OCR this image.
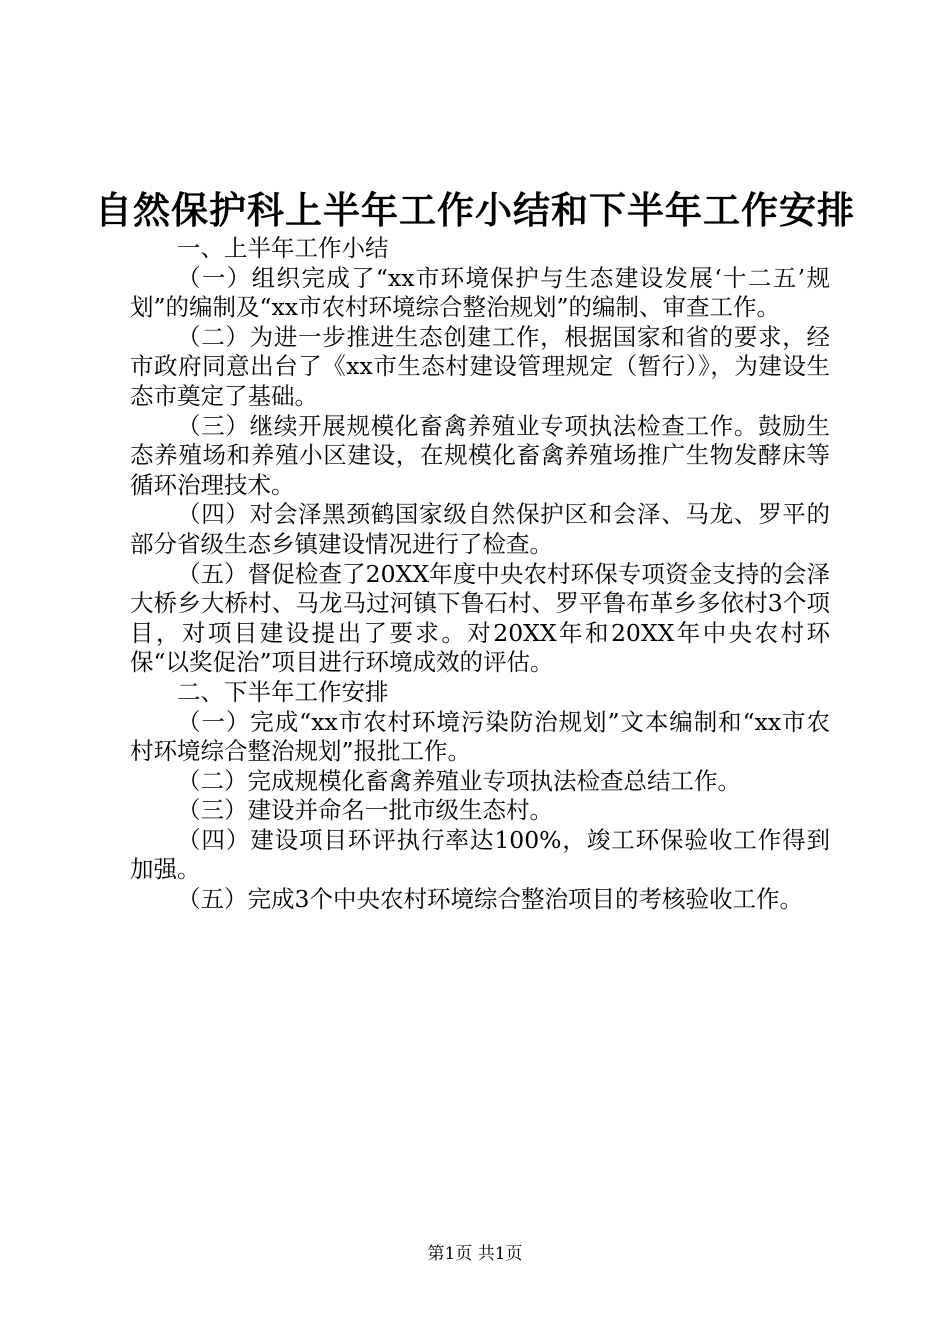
自然保护科上半年工作小结和下半年工作安排

一、上半年工作小结

（一）组织完成了“xx市环境保护与生态建设发展‘十二五’规划”的编制及“xx市农村环境综合整治规划”的编制、审查工作。

（二）为进一步推进生态创建工作，根据国家和省的要求，经市政府同意出台了《xx市生态村建设管理规定（暂行）》，为建设生态市奠定了基础。

（三）继续开展规模化畜禽养殖业专项执法检查工作。鼓励生态养殖场和养殖小区建设，在规模化畜禽养殖场推广生物发酵床等循环治理技术。

（四）对会泽黑颈鹤国家级自然保护区和会泽、马龙、罗平的部分省级生态乡镇建设情况进行了检查。

（五）督促检查了20XX年度中央农村环保专项资金支持的会泽大桥乡大桥村、马龙马过河镇下鲁石村、罗平鲁布革乡多依村3个项目，对项目建设提出了要求。对20XX年和20XX年中央农村环保“以奖促治”项目进行环境成效的评估。

二、下半年工作安排

（一）完成“xx市农村环境污染防治规划”文本编制和“xx市农村环境综合整治规划”报批工作。

（二）完成规模化畜禽养殖业专项执法检查总结工作。

（三）建设并命名一批市级生态村。

（四）建设项目环评执行率达100%，竣工环保验收工作得到加强。

（五）完成3个中央农村环境综合整治项目的考核验收工作。

第1页 共1页
